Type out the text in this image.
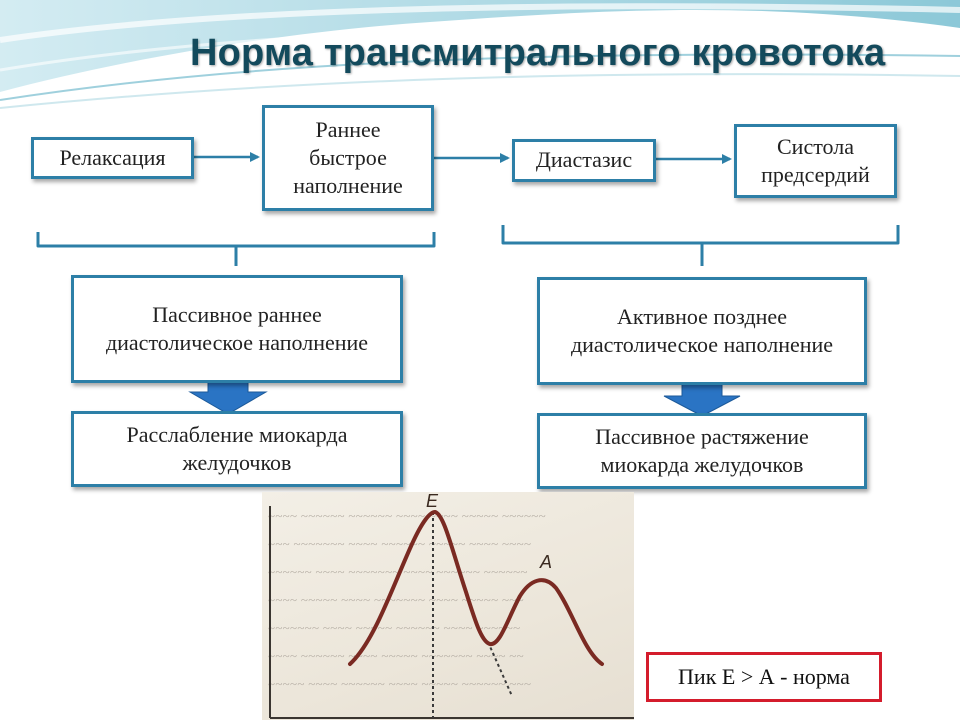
Норма трансмитрального кровотока
Релаксация
Раннее быстрое наполнение
Диастазис
Систола предсердий
Пассивное раннее диастолическое наполнение
Активное позднее диастолическое наполнение
Расслабление миокарда желудочков
Пассивное растяжение миокарда желудочков
~~~~ ~~~~~~ ~~~~~~ ~~~~ ~~~~ ~~~~~ ~~~~~~
~~~ ~~~~~~~ ~~~~ ~~~~~~ ~~~~~ ~~~~ ~~~~
~~~~~~ ~~~~ ~~~~~~~ ~~~~ ~~~~~~ ~~~~~~
~~~~ ~~~~~ ~~~~ ~~~~~~~ ~~~~ ~~~~~ ~~~
~~~~~~~ ~~~~ ~~~~~ ~~~~~~ ~~~~ ~~~~~~
~~~~ ~~~~~~ ~~~~ ~~~~~ ~~~~~~~ ~~~~ ~~
~~~~~ ~~~~ ~~~~~~ ~~~~ ~~~~~ ~~~~~~ ~~~
E
A
Пик Е > А - норма
